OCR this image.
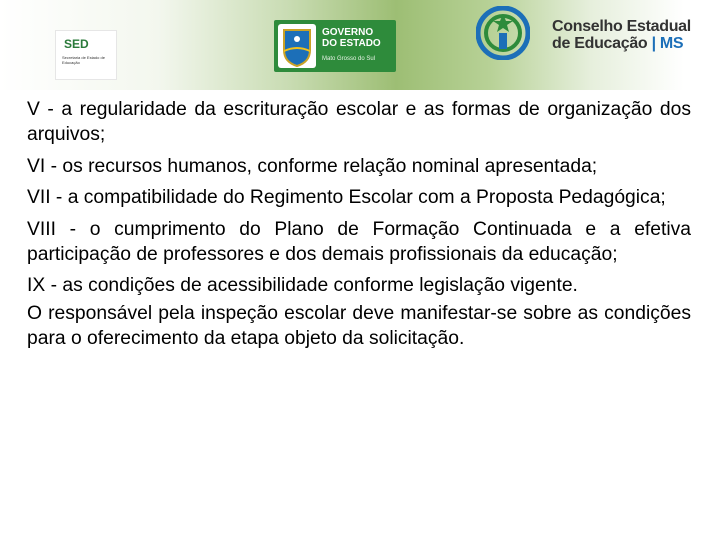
SED
Secretaria de Estado de Educação
GOVERNO
DO ESTADO
Mato Grosso do Sul
Conselho Estadual
de Educação | MS

V - a regularidade da escrituração escolar e as formas de organização dos arquivos;

VI - os recursos humanos, conforme relação nominal apresentada;

VII - a compatibilidade do Regimento Escolar com a Proposta Pedagógica;

VIII - o cumprimento do Plano de Formação Continuada e a efetiva participação de professores e dos demais profissionais da educação;

IX - as condições de acessibilidade conforme legislação vigente.

O responsável pela inspeção escolar deve manifestar-se sobre as condições para o oferecimento da etapa objeto da solicitação.
